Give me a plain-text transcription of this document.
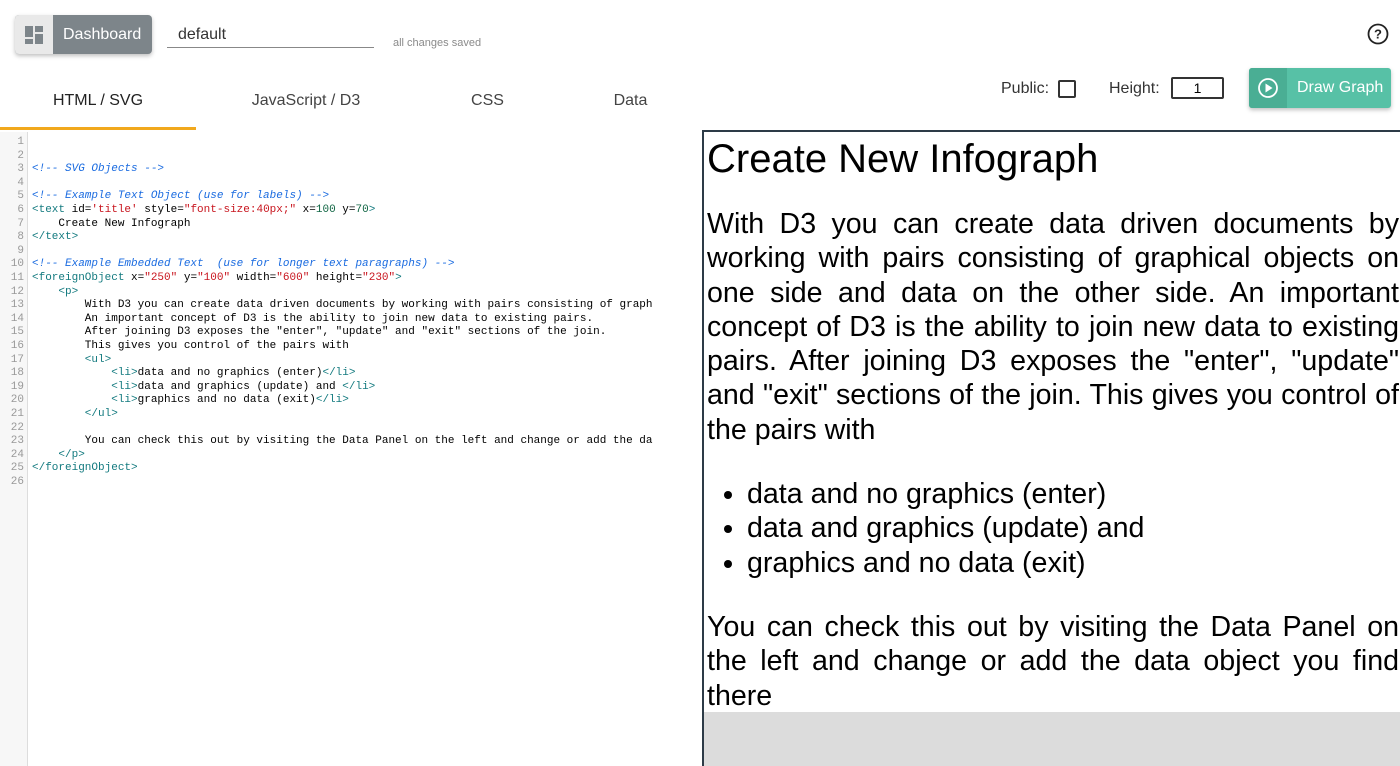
Dashboard
default
all changes saved
?
HTML / SVG	JavaScript / D3	CSS	Data
Public:	Height:
1	Draw Graph
1
2
3 <!-- SVG Objects -->
4
5 <!-- Example Text Object (use for labels) -->
6 <text id='title' style="font-size:40px;" x=100 y=70>
7 Create New Infograph
8 </text>
9
10 <!-- Example Embedded Text  (use for longer text paragraphs) -->
11 <foreignObject x="250" y="100" width="600" height="230">
12 <p>
13 With D3 you can create data driven documents by working with pairs consisting of graph
14 An important concept of D3 is the ability to join new data to existing pairs.
15 After joining D3 exposes the "enter", "update" and "exit" sections of the join.
16 This gives you control of the pairs with
17 <ul>
18 <li>data and no graphics (enter)</li>
19 <li>data and graphics (update) and </li>
20 <li>graphics and no data (exit)</li>
21 </ul>
22
23 You can check this out by visiting the Data Panel on the left and change or add the da
24 </p>
25 </foreignObject>
26
Create New Infograph

With D3 you can create data driven documents by working with pairs consisting of graphical objects on one side and data on the other side. An important concept of D3 is the ability to join new data to existing pairs. After joining D3 exposes the "enter", "update" and "exit" sections of the join. This gives you control of the pairs with

• data and no graphics (enter)
• data and graphics (update) and
• graphics and no data (exit)

You can check this out by visiting the Data Panel on the left and change or add the data object you find there
